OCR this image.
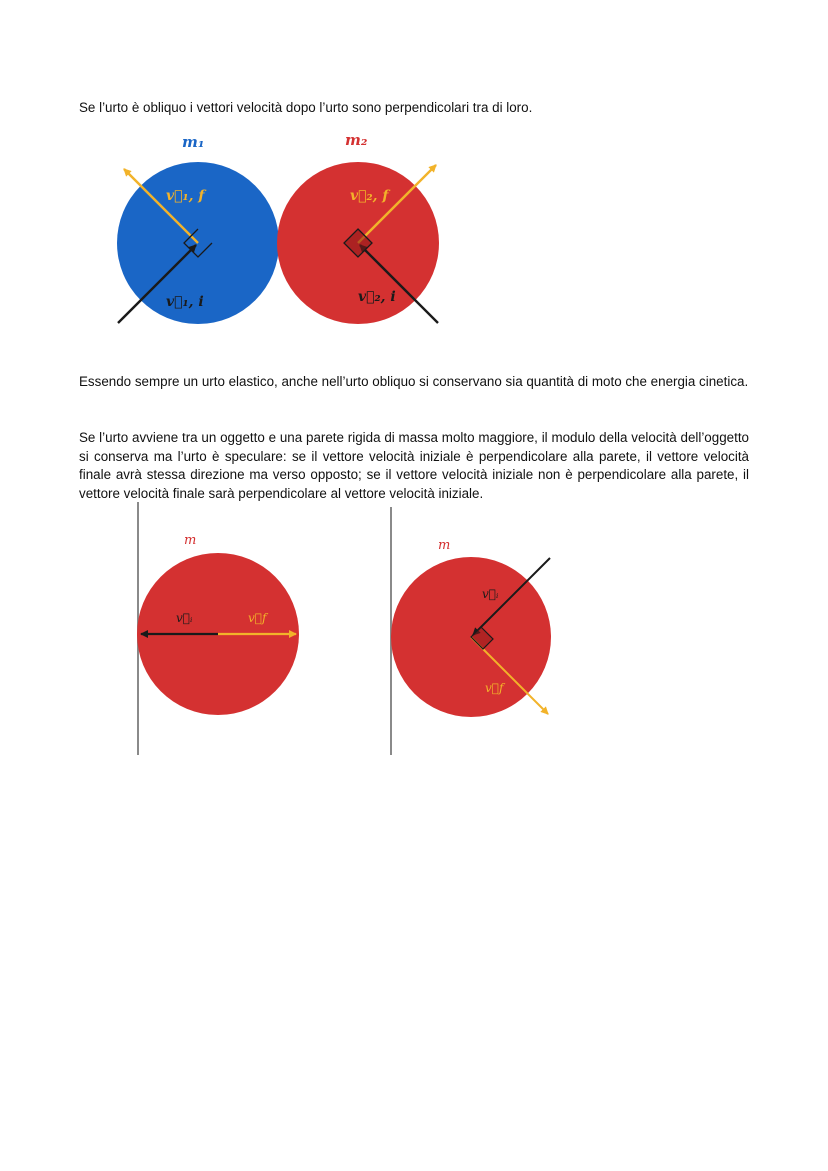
Se l’urto è obliquo i vettori velocità dopo l’urto sono perpendicolari tra di loro.

m₁	m₂
v⃗₁, f
v⃗₁, i
v⃗₂, f
v⃗₂, i

Essendo sempre un urto elastico, anche nell’urto obliquo si conservano sia quantità di moto che energia cinetica.

Se l’urto avviene tra un oggetto e una parete rigida di massa molto maggiore, il modulo della velocità dell’oggetto si conserva ma l’urto è speculare: se il vettore velocità iniziale è perpendicolare alla parete, il vettore velocità finale avrà stessa direzione ma verso opposto; se il vettore velocità iniziale non è perpendicolare alla parete, il vettore velocità finale sarà perpendicolare al vettore velocità iniziale.

m
v⃗ᵢ	v⃗f
m
v⃗ᵢ
v⃗f
